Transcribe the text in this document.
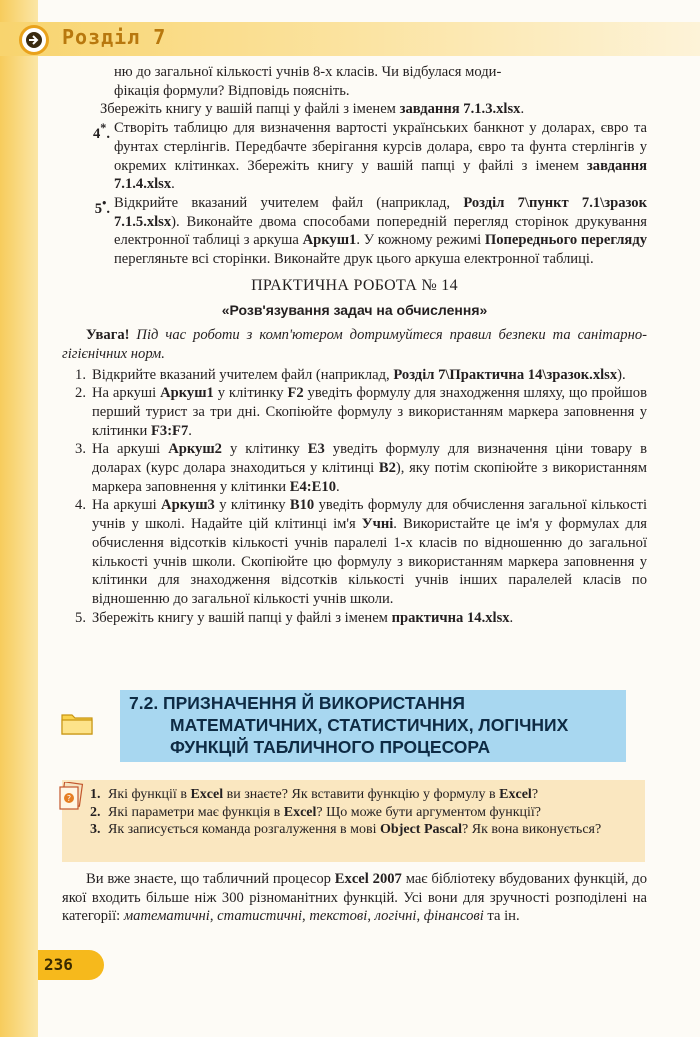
Розділ 7
ню до загальної кількості учнів 8-х класів. Чи відбулася моди-
фікація формули? Відповідь поясніть.
Збережіть книгу у вашій папці у файлі з іменем завдання 7.1.3.xlsx.
4*. Створіть таблицю для визначення вартості українських банкнот у доларах, євро та фунтах стерлінгів. Передбачте зберігання курсів долара, євро та фунта стерлінгів у окремих клітинках. Збережіть книгу у вашій папці у файлі з іменем завдання 7.1.4.xlsx.
5•. Відкрийте вказаний учителем файл (наприклад, Розділ 7\пункт 7.1\зразок 7.1.5.xlsx). Виконайте двома способами попередній перегляд сторінок друкування електронної таблиці з аркуша Аркуш1. У кожному режимі Попереднього перегляду перегляньте всі сторінки. Виконайте друк цього аркуша електронної таблиці.
ПРАКТИЧНА РОБОТА № 14
«Розв'язування задач на обчислення»
Увага! Під час роботи з комп'ютером дотримуйтеся правил безпеки та санітарно-гігієнічних норм.
1. Відкрийте вказаний учителем файл (наприклад, Розділ 7\Практична 14\зразок.xlsx).
2. На аркуші Аркуш1 у клітинку F2 уведіть формулу для знаходження шляху, що пройшов перший турист за три дні. Скопіюйте формулу з використанням маркера заповнення у клітинки F3:F7.
3. На аркуші Аркуш2 у клітинку E3 уведіть формулу для визначення ціни товару в доларах (курс долара знаходиться у клітинці B2), яку потім скопіюйте з використанням маркера заповнення у клітинки E4:E10.
4. На аркуші Аркуш3 у клітинку B10 уведіть формулу для обчислення загальної кількості учнів у школі. Надайте цій клітинці ім'я Учні. Використайте це ім'я у формулах для обчислення відсотків кількості учнів паралелі 1-х класів по відношенню до загальної кількості учнів школи. Скопіюйте цю формулу з використанням маркера заповнення у клітинки для знаходження відсотків кількості учнів інших паралелей класів по відношенню до загальної кількості учнів школи.
5. Збережіть книгу у вашій папці у файлі з іменем практична 14.xlsx.
7.2. ПРИЗНАЧЕННЯ Й ВИКОРИСТАННЯ
МАТЕМАТИЧНИХ, СТАТИСТИЧНИХ, ЛОГІЧНИХ
ФУНКЦІЙ ТАБЛИЧНОГО ПРОЦЕСОРА
? 1. Які функції в Excel ви знаєте? Як вставити функцію у формулу в Excel?
2. Які параметри має функція в Excel? Що може бути аргументом функції?
3. Як записується команда розгалуження в мові Object Pascal? Як вона виконується?
Ви вже знаєте, що табличний процесор Excel 2007 має бібліотеку вбудованих функцій, до якої входить більше ніж 300 різноманітних функцій. Усі вони для зручності розподілені на категорії: математичні, статистичні, текстові, логічні, фінансові та ін.
236
